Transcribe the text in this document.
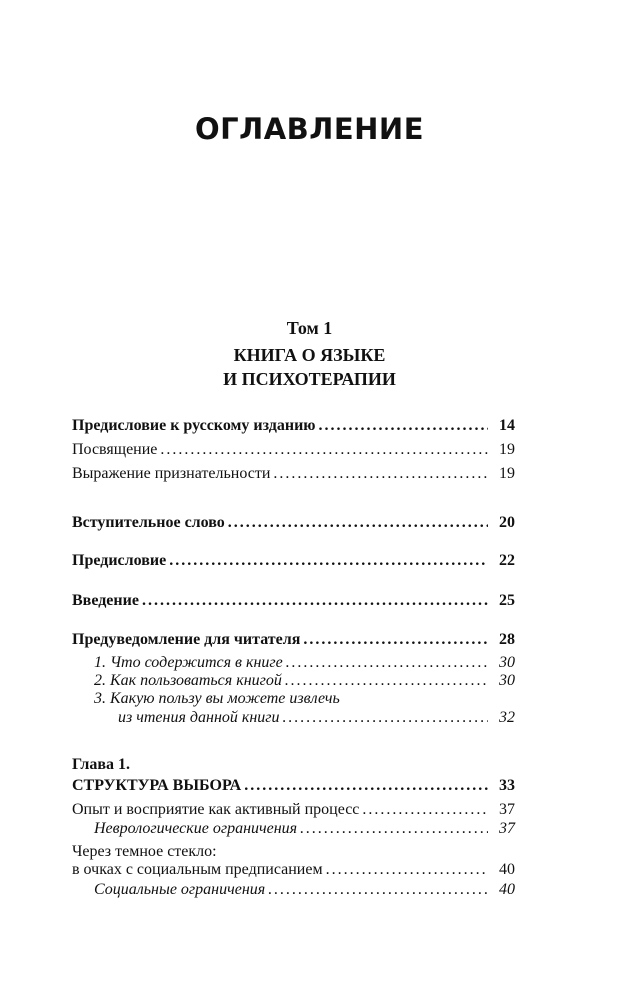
ОГЛАВЛЕНИЕ
Том 1
КНИГА О ЯЗЫКЕ
И ПСИХОТЕРАПИИ
Предисловие к русскому изданию .....	14
Посвящение .....	19
Выражение признательности .....	19
Вступительное слово .....	20
Предисловие .....	22
Введение .....	25
Предуведомление для читателя .....	28
1. Что содержится в книге .....	30
2. Как пользоваться книгой .....	30
3. Какую пользу вы можете извлечь
из чтения данной книги .....	32
Глава 1.
СТРУКТУРА ВЫБОРА .....	33
Опыт и восприятие как активный процесс .....	37
Неврологические ограничения .....	37
Через темное стекло:
в очках с социальным предписанием .....	40
Социальные ограничения .....	40
